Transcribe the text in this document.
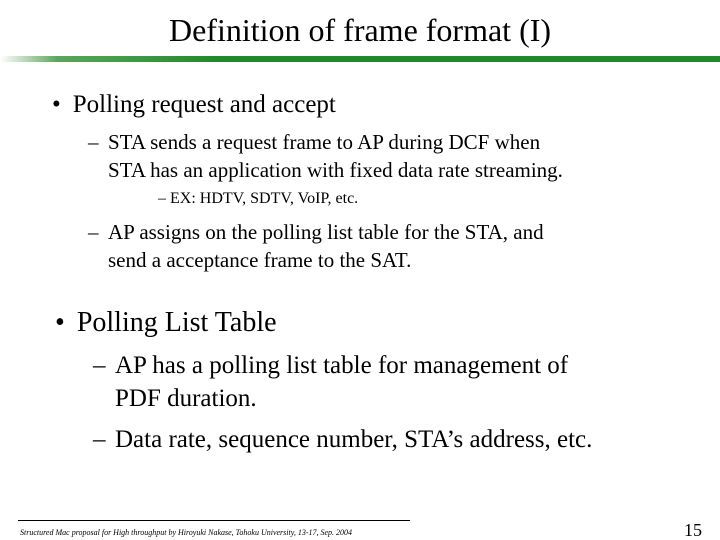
Definition of frame format (I)
• Polling request and accept
– STA sends a request frame to AP during DCF when
STA has an application with fixed data rate streaming.
– EX: HDTV, SDTV, VoIP, etc.
– AP assigns on the polling list table for the STA, and
send a acceptance frame to the SAT.
• Polling List Table
– AP has a polling list table for management of
PDF duration.
– Data rate, sequence number, STA’s address, etc.
Structured Mac proposal for High throughput by Hiroyuki Nakase, Tohoku University, 13-17, Sep. 2004	15
